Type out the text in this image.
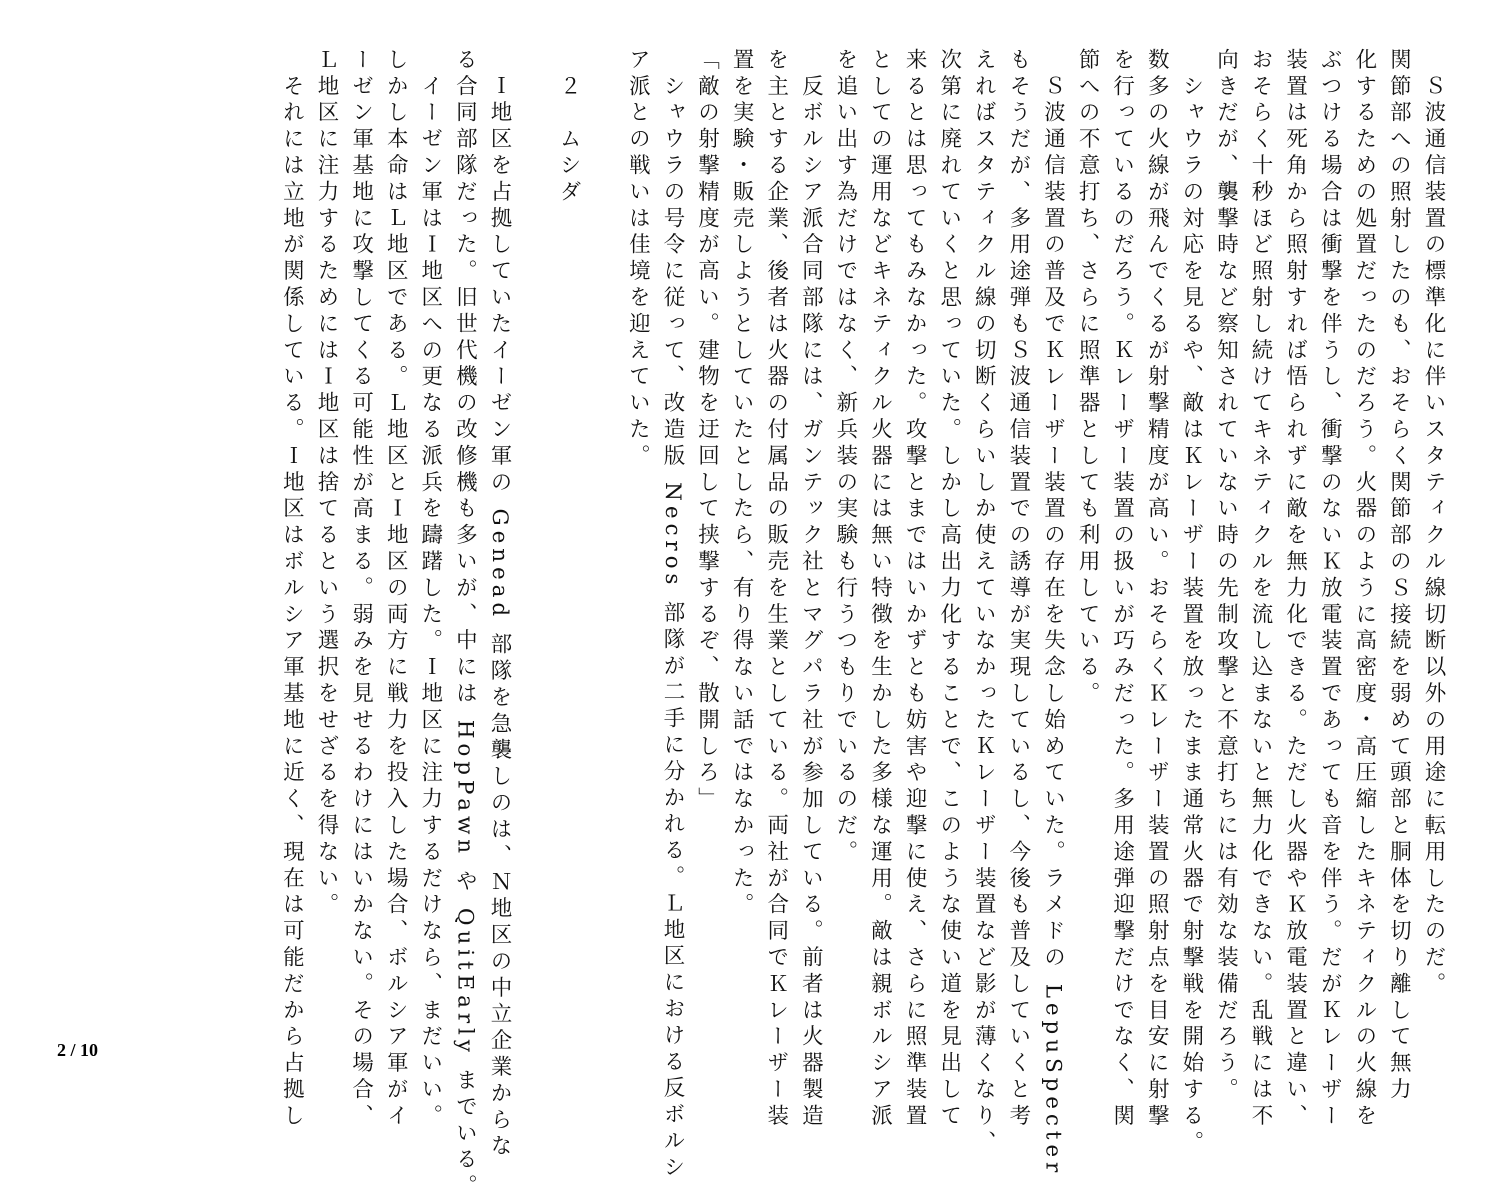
　Ｓ波通信装置の標準化に伴いスタティクル線切断以外の用途に転用したのだ。
関節部への照射したのも、おそらく関節部のＳ接続を弱めて頭部と胴体を切り離して無力
化するための処置だったのだろう。火器のように高密度・高圧縮したキネティクルの火線を
ぶつける場合は衝撃を伴うし、衝撃のないＫ放電装置であっても音を伴う。だがＫレーザー
装置は死角から照射すれば悟られずに敵を無力化できる。ただし火器やＫ放電装置と違い、
おそらく十秒ほど照射し続けてキネティクルを流し込まないと無力化できない。乱戦には不
向きだが、襲撃時など察知されていない時の先制攻撃と不意打ちには有効な装備だろう。
　シャウラの対応を見るや、敵はＫレーザー装置を放ったまま通常火器で射撃戦を開始する。
数多の火線が飛んでくるが射撃精度が高い。おそらくＫレーザー装置の照射点を目安に射撃
を行っているのだろう。Ｋレーザー装置の扱いが巧みだった。多用途弾迎撃だけでなく、関
節への不意打ち、さらに照準器としても利用している。
　Ｓ波通信装置の普及でＫレーザー装置の存在を失念し始めていた。ラメドの LepuSpecter
もそうだが、多用途弾もＳ波通信装置での誘導が実現しているし、今後も普及していくと考
えればスタティクル線の切断くらいしか使えていなかったＫレーザー装置など影が薄くなり、
次第に廃れていくと思っていた。しかし高出力化することで、このような使い道を見出して
来るとは思ってもみなかった。攻撃とまではいかずとも妨害や迎撃に使え、さらに照準装置
としての運用などキネティクル火器には無い特徴を生かした多様な運用。敵は親ボルシア派
を追い出す為だけではなく、新兵装の実験も行うつもりでいるのだ。
　反ボルシア派合同部隊には、ガンテック社とマグパラ社が参加している。前者は火器製造
を主とする企業、後者は火器の付属品の販売を生業としている。両社が合同でＫレーザー装
置を実験・販売しようとしていたとしたら、有り得ない話ではなかった。
「敵の射撃精度が高い。建物を迂回して挟撃するぞ、散開しろ」
　シャウラの号令に従って、改造版 Necros 部隊が二手に分かれる。Ｌ地区における反ボルシ
ア派との戦いは佳境を迎えていた。
　２　ムシダ
　Ｉ地区を占拠していたイーゼン軍の Genead 部隊を急襲しのは、Ｎ地区の中立企業からな
る合同部隊だった。旧世代機の改修機も多いが、中には HopPawn や QuitEarly までいる。
　イーゼン軍はＩ地区への更なる派兵を躊躇した。Ｉ地区に注力するだけなら、まだいい。
しかし本命はＬ地区である。Ｌ地区とＩ地区の両方に戦力を投入した場合、ボルシア軍がイ
ーゼン軍基地に攻撃してくる可能性が高まる。弱みを見せるわけにはいかない。その場合、
Ｌ地区に注力するためにはＩ地区は捨てるという選択をせざるを得ない。
　それには立地が関係している。Ｉ地区はボルシア軍基地に近く、現在は可能だから占拠し
2 / 10
